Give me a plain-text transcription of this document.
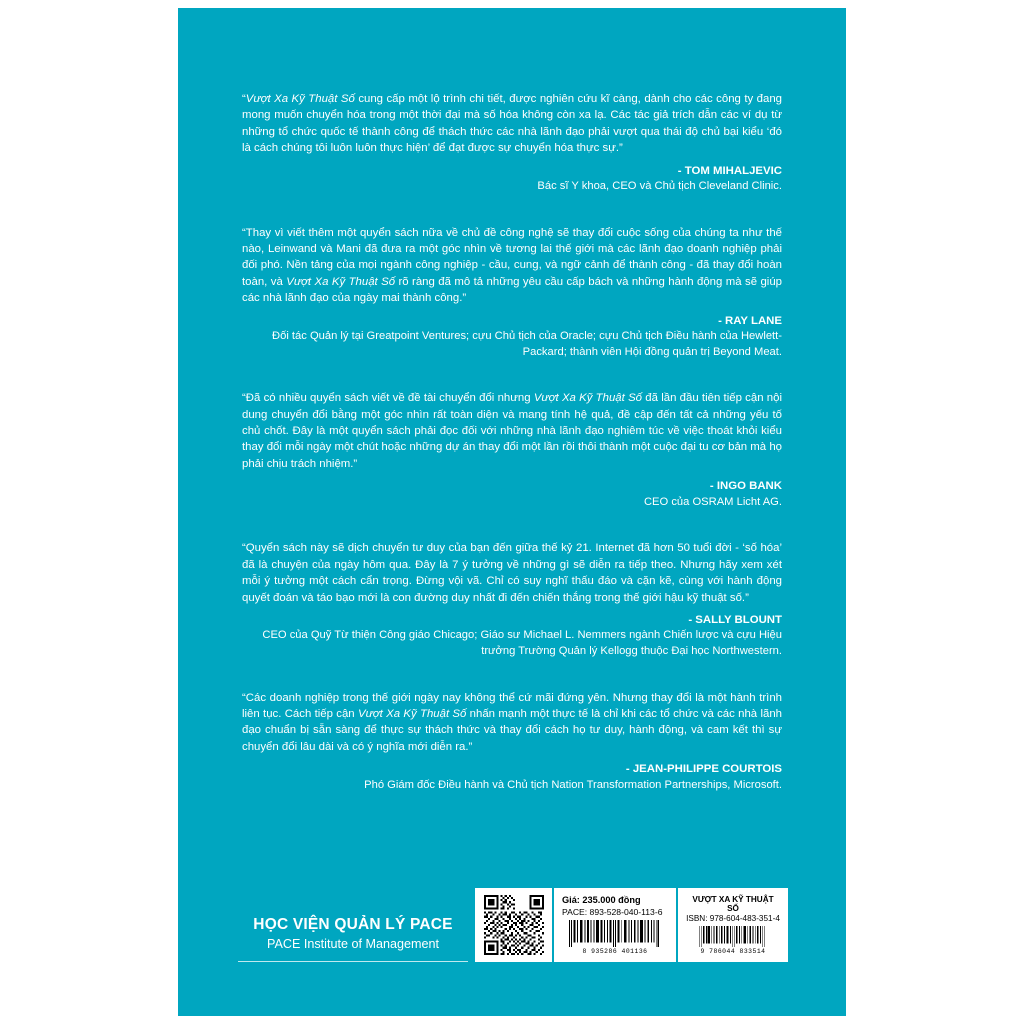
“Vượt Xa Kỹ Thuật Số cung cấp một lộ trình chi tiết, được nghiên cứu kĩ càng, dành cho các công ty đang mong muốn chuyển hóa trong một thời đại mà số hóa không còn xa lạ. Các tác giả trích dẫn các ví dụ từ những tổ chức quốc tế thành công để thách thức các nhà lãnh đạo phải vượt qua thái độ chủ bại kiểu ‘đó là cách chúng tôi luôn luôn thực hiện’ để đạt được sự chuyển hóa thực sự.”

- TOM MIHALJEVIC

Bác sĩ Y khoa, CEO và Chủ tịch Cleveland Clinic.

“Thay vì viết thêm một quyển sách nữa về chủ đề công nghệ sẽ thay đổi cuộc sống của chúng ta như thế nào, Leinwand và Mani đã đưa ra một góc nhìn về tương lai thế giới mà các lãnh đạo doanh nghiệp phải đối phó. Nền tảng của mọi ngành công nghiệp - cầu, cung, và ngữ cảnh để thành công - đã thay đổi hoàn toàn, và Vượt Xa Kỹ Thuật Số rõ ràng đã mô tả những yêu cầu cấp bách và những hành động mà sẽ giúp các nhà lãnh đạo của ngày mai thành công.”

- RAY LANE

Đối tác Quản lý tại Greatpoint Ventures; cựu Chủ tịch của Oracle; cựu Chủ tịch Điều hành của Hewlett-Packard; thành viên Hội đồng quản trị Beyond Meat.

“Đã có nhiều quyển sách viết về đề tài chuyển đổi nhưng Vượt Xa Kỹ Thuật Số đã lần đầu tiên tiếp cận nội dung chuyển đổi bằng một góc nhìn rất toàn diện và mang tính hệ quả, đề cập đến tất cả những yếu tố chủ chốt. Đây là một quyển sách phải đọc đối với những nhà lãnh đạo nghiêm túc về việc thoát khỏi kiểu thay đổi mỗi ngày một chút hoặc những dự án thay đổi một lần rồi thôi thành một cuộc đại tu cơ bản mà họ phải chịu trách nhiệm.”

- INGO BANK

CEO của OSRAM Licht AG.

“Quyển sách này sẽ dịch chuyển tư duy của bạn đến giữa thế kỷ 21. Internet đã hơn 50 tuổi đời - ‘số hóa’ đã là chuyện của ngày hôm qua. Đây là 7 ý tưởng về những gì sẽ diễn ra tiếp theo. Nhưng hãy xem xét mỗi ý tưởng một cách cẩn trọng. Đừng vội vã. Chỉ có suy nghĩ thấu đáo và cặn kẽ, cùng với hành động quyết đoán và táo bạo mới là con đường duy nhất đi đến chiến thắng trong thế giới hậu kỹ thuật số.”

- SALLY BLOUNT

CEO của Quỹ Từ thiện Công giáo Chicago; Giáo sư Michael L. Nemmers ngành Chiến lược và cựu Hiệu trưởng Trường Quản lý Kellogg thuộc Đại học Northwestern.

“Các doanh nghiệp trong thế giới ngày nay không thể cứ mãi đứng yên. Nhưng thay đổi là một hành trình liên tục. Cách tiếp cận Vượt Xa Kỹ Thuật Số nhấn mạnh một thực tế là chỉ khi các tổ chức và các nhà lãnh đạo chuẩn bị sẵn sàng để thực sự thách thức và thay đổi cách họ tư duy, hành động, và cam kết thì sự chuyển đổi lâu dài và có ý nghĩa mới diễn ra.”

- JEAN-PHILIPPE COURTOIS

Phó Giám đốc Điều hành và Chủ tịch Nation Transformation Partnerships, Microsoft.

HỌC VIỆN QUẢN LÝ PACE

PACE Institute of Management

Giá: 235.000 đồng

PACE: 893-528-040-113-6

8 935286 401136

VƯỢT XA KỸ THUẬT SỐ

ISBN: 978-604-483-351-4

9 786044 833514
